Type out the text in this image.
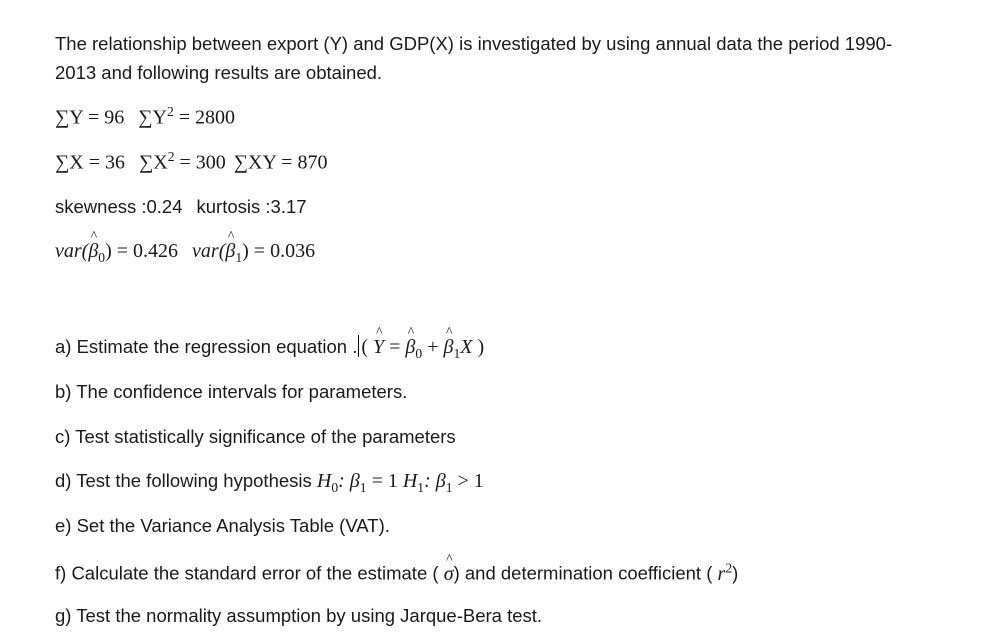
The relationship between export (Y) and GDP(X) is investigated by using annual data the period 1990-
2013 and following results are obtained.
∑Y = 96 $\sum Y^2 = 2800$
∑X = 36 $\sum X^2 = 300$ ∑XY = 870
skewness :0.24 kurtosis :3.17
var(^ $\beta_0) = 0.426$ var(^ $\beta_1) = 0.036$
a) Estimate the regression equation . ( ^ Y = ^ $\beta_0$ + ^ $\beta_1X$ )
b) The confidence intervals for parameters.
c) Test statistically significance of the parameters
d) Test the following hypothesis $H_0$: $\beta_1 = 1$ $H_1$: $\beta_1 > 1$
e) Set the Variance Analysis Table (VAT).
f) Calculate the standard error of the estimate ( ^ σ) and determination coefficient ( $r^2$)
g) Test the normality assumption by using Jarque-Bera test.
